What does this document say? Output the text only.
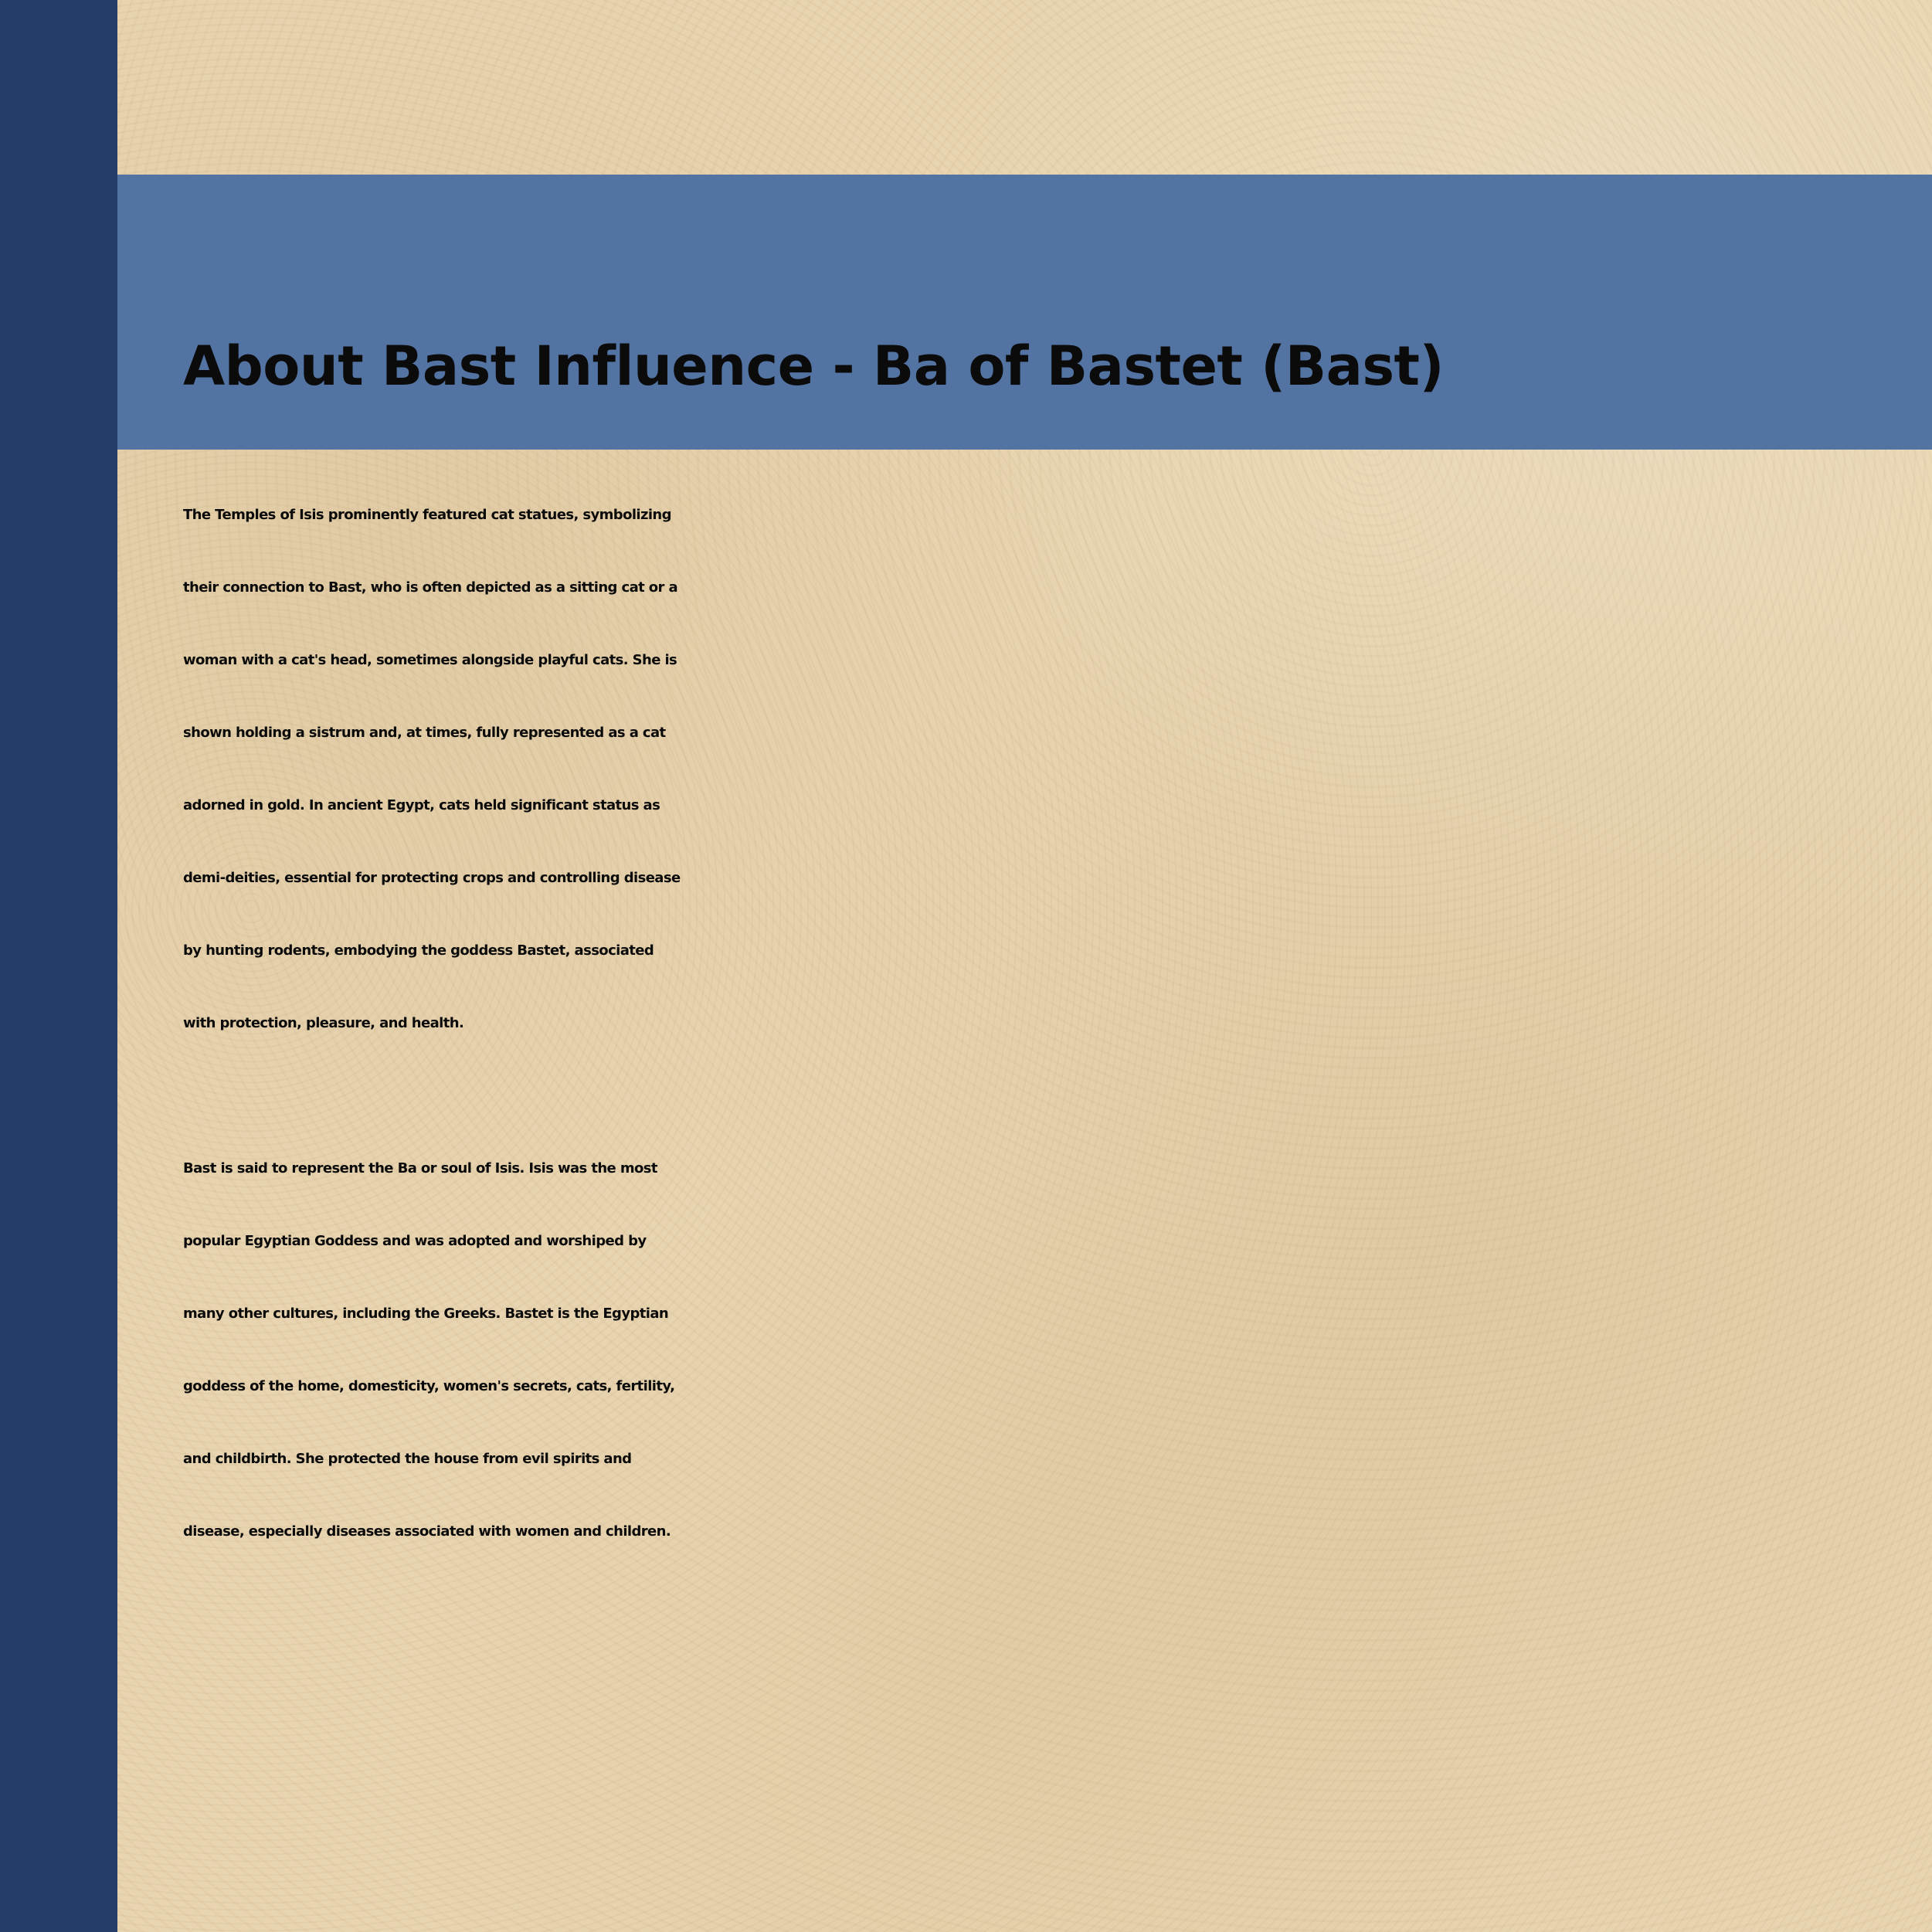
About Bast Influence - Ba of Bastet (Bast)

The Temples of Isis prominently featured cat statues, symbolizing
their connection to Bast, who is often depicted as a sitting cat or a
woman with a cat's head, sometimes alongside playful cats. She is
shown holding a sistrum and, at times, fully represented as a cat
adorned in gold. In ancient Egypt, cats held significant status as
demi-deities, essential for protecting crops and controlling disease
by hunting rodents, embodying the goddess Bastet, associated
with protection, pleasure, and health.

Bast is said to represent the Ba or soul of Isis. Isis was the most
popular Egyptian Goddess and was adopted and worshiped by
many other cultures, including the Greeks. Bastet is the Egyptian
goddess of the home, domesticity, women's secrets, cats, fertility,
and childbirth. She protected the house from evil spirits and
disease, especially diseases associated with women and children.
